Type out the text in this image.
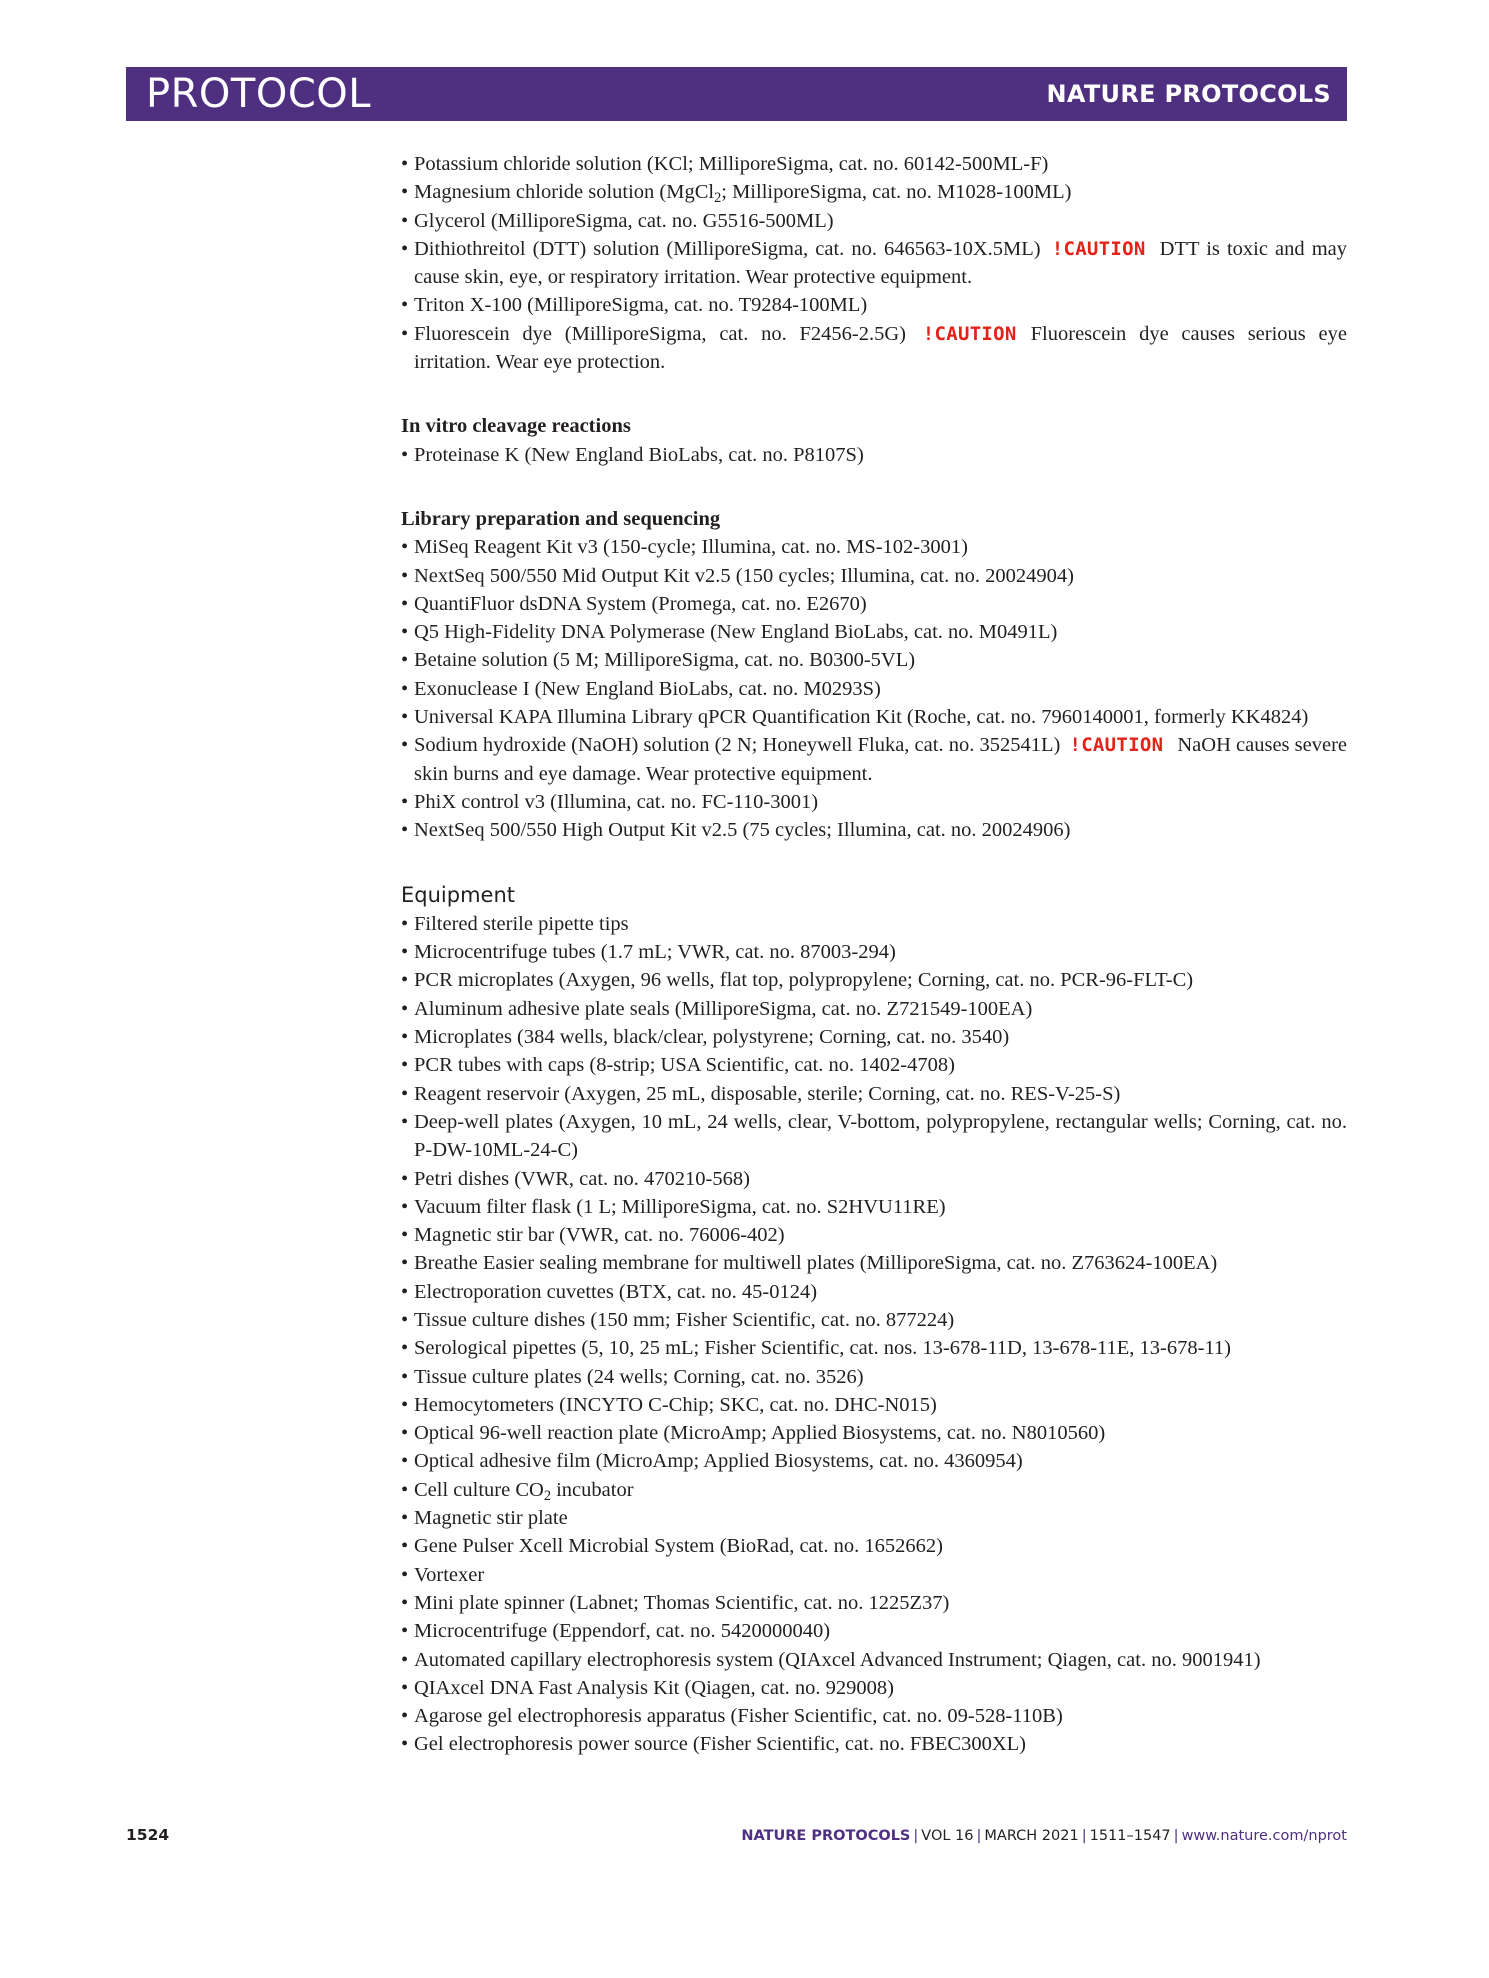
PROTOCOL	NATURE PROTOCOLS
• Potassium chloride solution (KCl; MilliporeSigma, cat. no. 60142-500ML-F)
• Magnesium chloride solution (MgCl$_2$; MilliporeSigma, cat. no. M1028-100ML)
• Glycerol (MilliporeSigma, cat. no. G5516-500ML)
• Dithiothreitol (DTT) solution (MilliporeSigma, cat. no. 646563-10X.5ML) !CAUTION DTT is toxic and may cause skin, eye, or respiratory irritation. Wear protective equipment.
• Triton X-100 (MilliporeSigma, cat. no. T9284-100ML)
• Fluorescein dye (MilliporeSigma, cat. no. F2456-2.5G) !CAUTION Fluorescein dye causes serious eye irritation. Wear eye protection.
In vitro cleavage reactions
• Proteinase K (New England BioLabs, cat. no. P8107S)
Library preparation and sequencing
• MiSeq Reagent Kit v3 (150-cycle; Illumina, cat. no. MS-102-3001)
• NextSeq 500/550 Mid Output Kit v2.5 (150 cycles; Illumina, cat. no. 20024904)
• QuantiFluor dsDNA System (Promega, cat. no. E2670)
• Q5 High-Fidelity DNA Polymerase (New England BioLabs, cat. no. M0491L)
• Betaine solution (5 M; MilliporeSigma, cat. no. B0300-5VL)
• Exonuclease I (New England BioLabs, cat. no. M0293S)
• Universal KAPA Illumina Library qPCR Quantification Kit (Roche, cat. no. 7960140001, formerly KK4824)
• Sodium hydroxide (NaOH) solution (2 N; Honeywell Fluka, cat. no. 352541L) !CAUTION NaOH causes severe skin burns and eye damage. Wear protective equipment.
• PhiX control v3 (Illumina, cat. no. FC-110-3001)
• NextSeq 500/550 High Output Kit v2.5 (75 cycles; Illumina, cat. no. 20024906)
Equipment
• Filtered sterile pipette tips
• Microcentrifuge tubes (1.7 mL; VWR, cat. no. 87003-294)
• PCR microplates (Axygen, 96 wells, flat top, polypropylene; Corning, cat. no. PCR-96-FLT-C)
• Aluminum adhesive plate seals (MilliporeSigma, cat. no. Z721549-100EA)
• Microplates (384 wells, black/clear, polystyrene; Corning, cat. no. 3540)
• PCR tubes with caps (8-strip; USA Scientific, cat. no. 1402-4708)
• Reagent reservoir (Axygen, 25 mL, disposable, sterile; Corning, cat. no. RES-V-25-S)
• Deep-well plates (Axygen, 10 mL, 24 wells, clear, V-bottom, polypropylene, rectangular wells; Corning, cat. no. P-DW-10ML-24-C)
• Petri dishes (VWR, cat. no. 470210-568)
• Vacuum filter flask (1 L; MilliporeSigma, cat. no. S2HVU11RE)
• Magnetic stir bar (VWR, cat. no. 76006-402)
• Breathe Easier sealing membrane for multiwell plates (MilliporeSigma, cat. no. Z763624-100EA)
• Electroporation cuvettes (BTX, cat. no. 45-0124)
• Tissue culture dishes (150 mm; Fisher Scientific, cat. no. 877224)
• Serological pipettes (5, 10, 25 mL; Fisher Scientific, cat. nos. 13-678-11D, 13-678-11E, 13-678-11)
• Tissue culture plates (24 wells; Corning, cat. no. 3526)
• Hemocytometers (INCYTO C-Chip; SKC, cat. no. DHC-N015)
• Optical 96-well reaction plate (MicroAmp; Applied Biosystems, cat. no. N8010560)
• Optical adhesive film (MicroAmp; Applied Biosystems, cat. no. 4360954)
• Cell culture $CO_2$ incubator
• Magnetic stir plate
• Gene Pulser Xcell Microbial System (BioRad, cat. no. 1652662)
• Vortexer
• Mini plate spinner (Labnet; Thomas Scientific, cat. no. 1225Z37)
• Microcentrifuge (Eppendorf, cat. no. 5420000040)
• Automated capillary electrophoresis system (QIAxcel Advanced Instrument; Qiagen, cat. no. 9001941)
• QIAxcel DNA Fast Analysis Kit (Qiagen, cat. no. 929008)
• Agarose gel electrophoresis apparatus (Fisher Scientific, cat. no. 09-528-110B)
• Gel electrophoresis power source (Fisher Scientific, cat. no. FBEC300XL)
1524	NATURE PROTOCOLS | VOL 16 | MARCH 2021 | 1511–1547 | www.nature.com/nprot
